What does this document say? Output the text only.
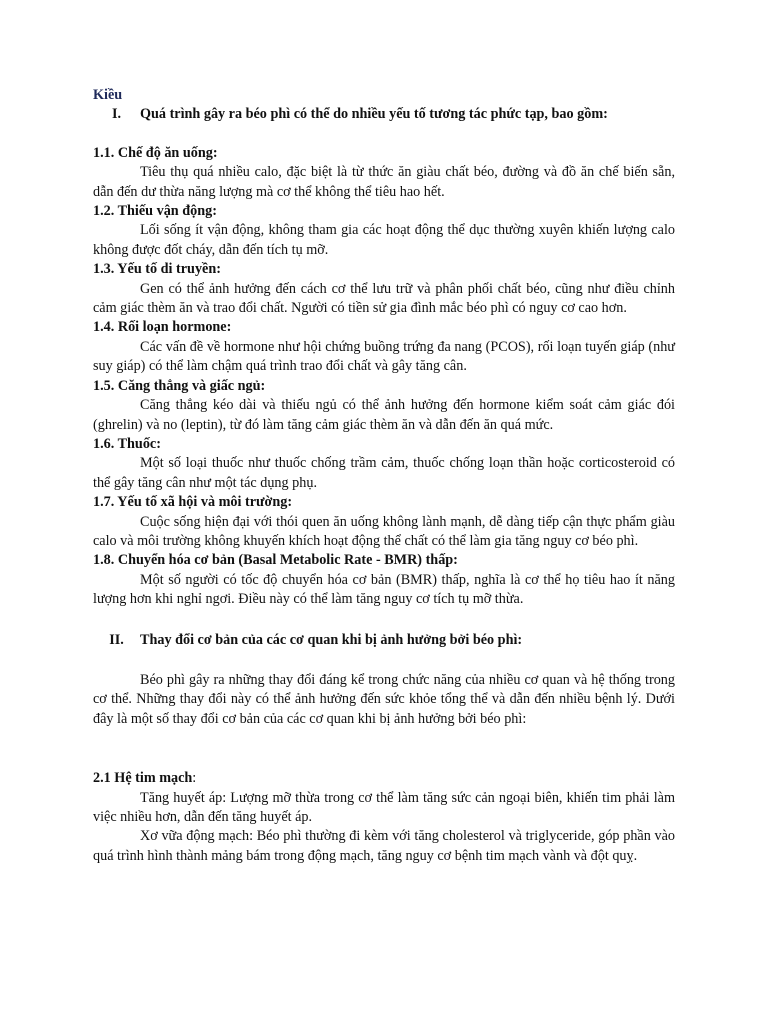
Kiều
I.	Quá trình gây ra béo phì có thể do nhiều yếu tố tương tác phức tạp, bao gồm:
1.1. Chế độ ăn uống:

Tiêu thụ quá nhiều calo, đặc biệt là từ thức ăn giàu chất béo, đường và đồ ăn chế biến sẵn, dẫn đến dư thừa năng lượng mà cơ thể không thể tiêu hao hết.

1.2. Thiếu vận động:

Lối sống ít vận động, không tham gia các hoạt động thể dục thường xuyên khiến lượng calo không được đốt cháy, dẫn đến tích tụ mỡ.

1.3. Yếu tố di truyền:

Gen có thể ảnh hưởng đến cách cơ thể lưu trữ và phân phối chất béo, cũng như điều chỉnh cảm giác thèm ăn và trao đổi chất. Người có tiền sử gia đình mắc béo phì có nguy cơ cao hơn.

1.4. Rối loạn hormone:

Các vấn đề về hormone như hội chứng buồng trứng đa nang (PCOS), rối loạn tuyến giáp (như suy giáp) có thể làm chậm quá trình trao đổi chất và gây tăng cân.

1.5. Căng thẳng và giấc ngủ:

Căng thẳng kéo dài và thiếu ngủ có thể ảnh hưởng đến hormone kiểm soát cảm giác đói (ghrelin) và no (leptin), từ đó làm tăng cảm giác thèm ăn và dẫn đến ăn quá mức.

1.6. Thuốc:

Một số loại thuốc như thuốc chống trầm cảm, thuốc chống loạn thần hoặc corticosteroid có thể gây tăng cân như một tác dụng phụ.

1.7. Yếu tố xã hội và môi trường:

Cuộc sống hiện đại với thói quen ăn uống không lành mạnh, dễ dàng tiếp cận thực phẩm giàu calo và môi trường không khuyến khích hoạt động thể chất có thể làm gia tăng nguy cơ béo phì.

1.8. Chuyển hóa cơ bản (Basal Metabolic Rate - BMR) thấp:

Một số người có tốc độ chuyển hóa cơ bản (BMR) thấp, nghĩa là cơ thể họ tiêu hao ít năng lượng hơn khi nghỉ ngơi. Điều này có thể làm tăng nguy cơ tích tụ mỡ thừa.

II.	Thay đổi cơ bản của các cơ quan khi bị ảnh hưởng bởi béo phì:

Béo phì gây ra những thay đổi đáng kể trong chức năng của nhiều cơ quan và hệ thống trong cơ thể. Những thay đổi này có thể ảnh hưởng đến sức khỏe tổng thể và dẫn đến nhiều bệnh lý. Dưới đây là một số thay đổi cơ bản của các cơ quan khi bị ảnh hưởng bởi béo phì:

2.1 Hệ tim mạch:

Tăng huyết áp: Lượng mỡ thừa trong cơ thể làm tăng sức cản ngoại biên, khiến tim phải làm việc nhiều hơn, dẫn đến tăng huyết áp.

Xơ vữa động mạch: Béo phì thường đi kèm với tăng cholesterol và triglyceride, góp phần vào quá trình hình thành mảng bám trong động mạch, tăng nguy cơ bệnh tim mạch vành và đột quỵ.
